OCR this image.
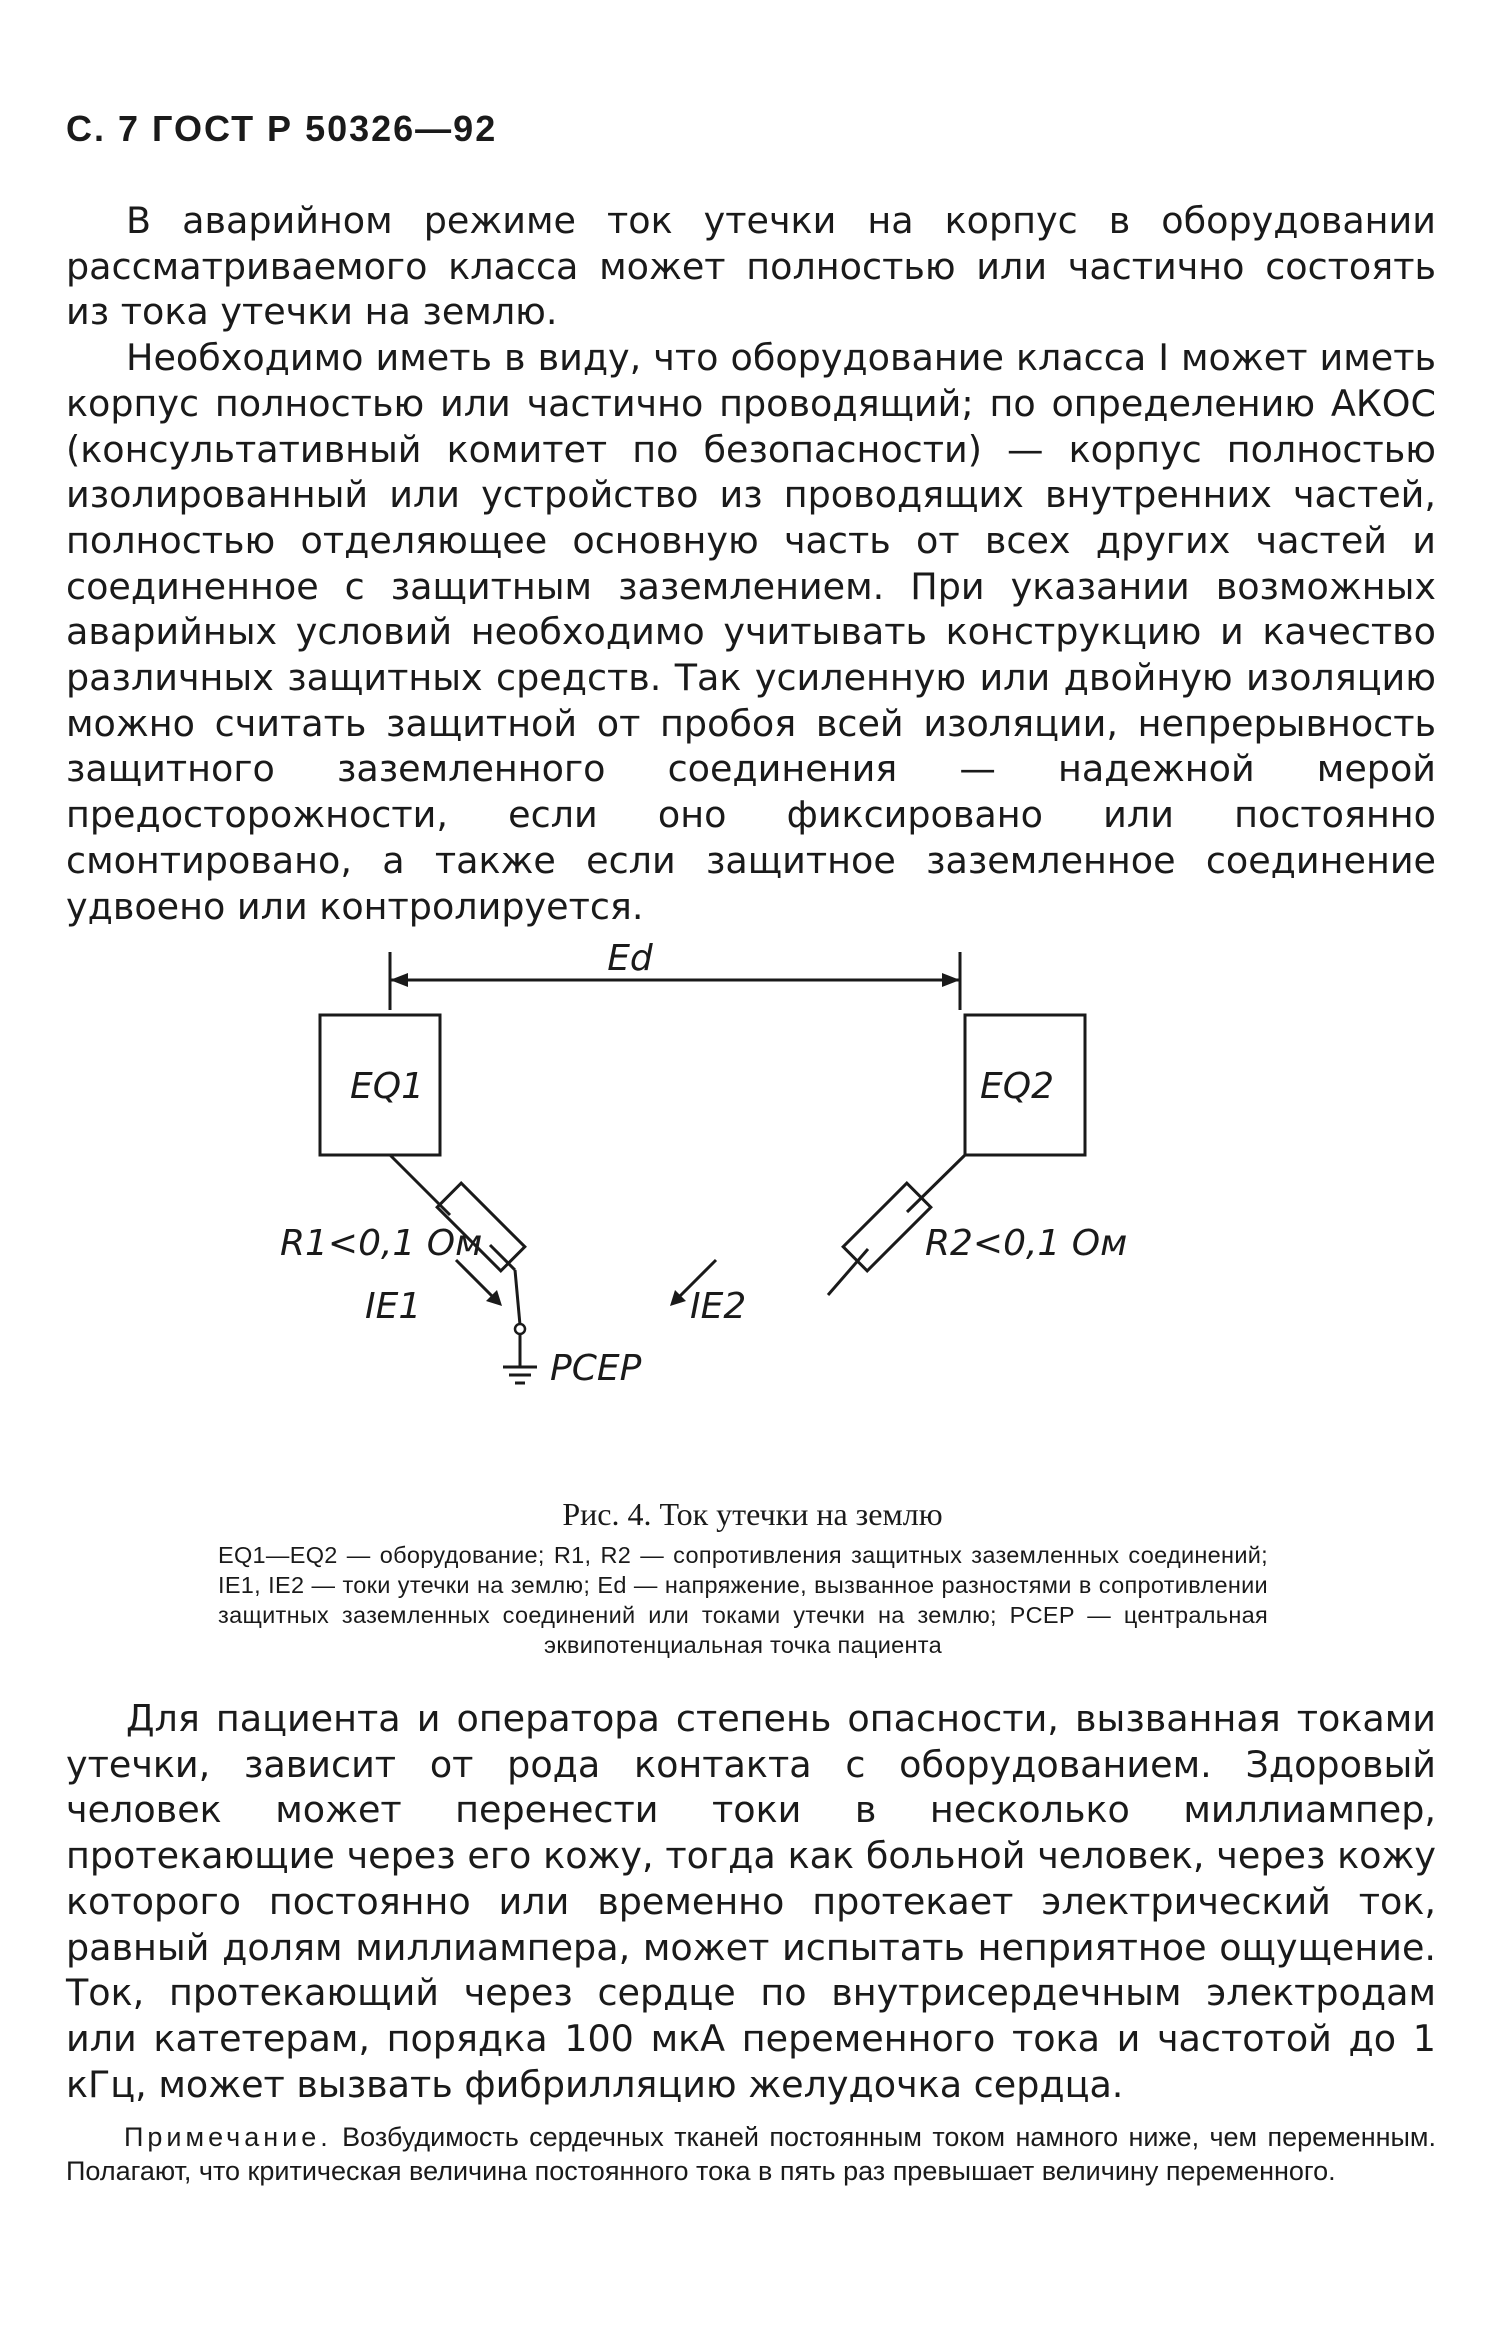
С. 7 ГОСТ Р 50326—92

В аварийном режиме ток утечки на корпус в оборудовании рассматриваемого класса может полностью или частично состоять из тока утечки на землю.

Необходимо иметь в виду, что оборудование класса I может иметь корпус полностью или частично проводящий; по определению АКОС (консультативный комитет по безопасности) — корпус полностью изолированный или устройство из проводящих внутренних частей, полностью отделяющее основную часть от всех других частей и соединенное с защитным заземлением. При указании возможных аварийных условий необходимо учитывать конструкцию и качество различных защитных средств. Так усиленную или двойную изоляцию можно считать защитной от пробоя всей изоляции, непрерывность защитного заземленного соединения — надежной мерой предосторожности, если оно фиксировано или постоянно смонтировано, а также если защитное заземленное соединение удвоено или контролируется.

Ed
EQ1	EQ2
R1<0,1 Ом	R2<0,1 Ом
IE1	IE2
PCEP
Рис. 4. Ток утечки на землю
EQ1—EQ2 — оборудование; R1, R2 — сопротивления защитных заземленных соединений; IE1, IE2 — токи утечки на землю; Ed — напряжение, вызванное разностями в сопротивлении защитных заземленных соединений или токами утечки на землю; PCEP — центральная эквипотенциальная точка пациента

Для пациента и оператора степень опасности, вызванная токами утечки, зависит от рода контакта с оборудованием. Здоровый человек может перенести токи в несколько миллиампер, протекающие через его кожу, тогда как больной человек, через кожу которого постоянно или временно протекает электрический ток, равный долям миллиампера, может испытать неприятное ощущение. Ток, протекающий через сердце по внутрисердечным электродам или катетерам, порядка 100 мкА переменного тока и частотой до 1 кГц, может вызвать фибрилляцию желудочка сердца.

Примечание. Возбудимость сердечных тканей постоянным током намного ниже, чем переменным. Полагают, что критическая величина постоянного тока в пять раз превышает величину переменного.
